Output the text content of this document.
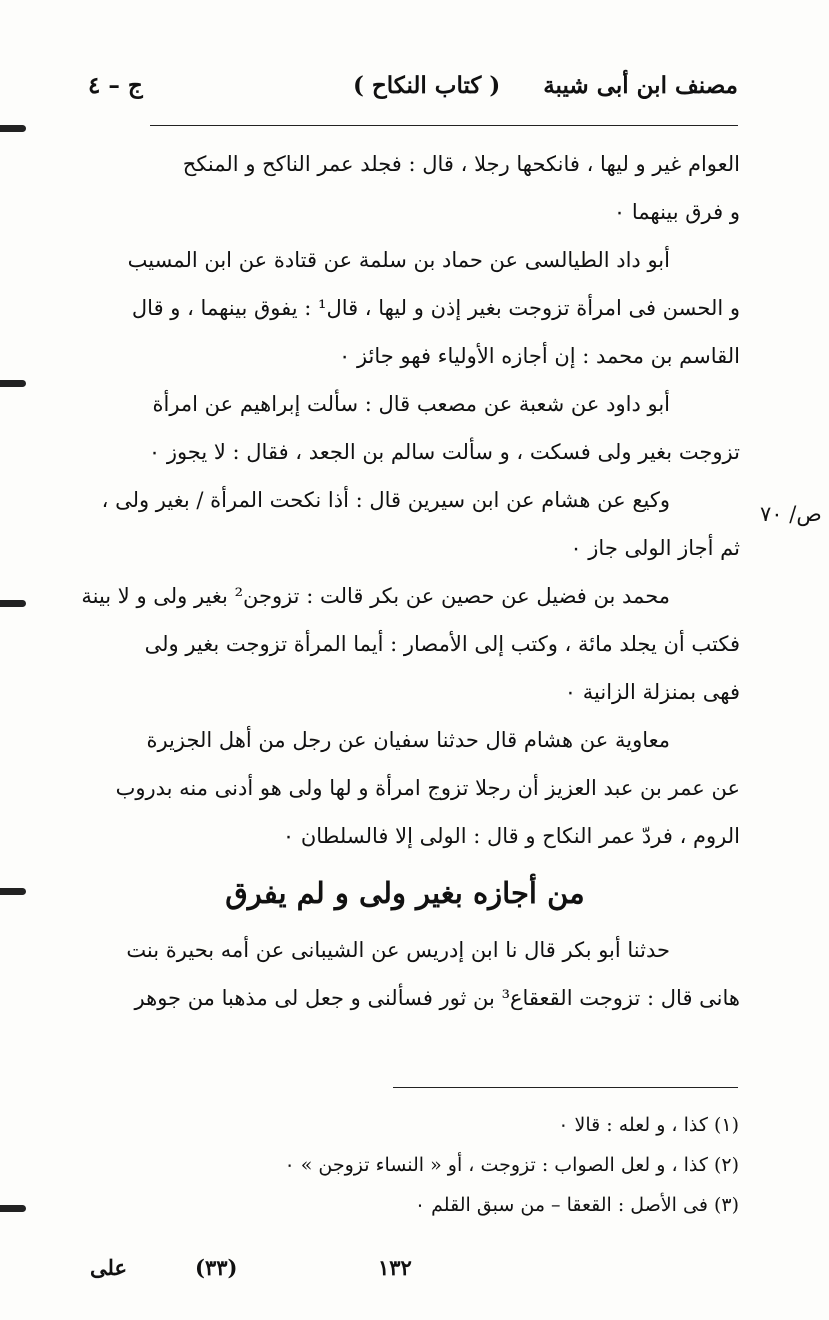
مصنف ابن أبى شيبة
( كتاب النكاح )
ج – ٤
ص/ ٧٠
العوام غير و ليها ، فانكحها رجلا ، قال : فجلد عمر الناكح و المنكح
و فرق بينهما ٠
أبو داد الطيالسى عن حماد بن سلمة عن قتادة عن ابن المسيب
و الحسن فى امرأة تزوجت بغير إذن و ليها ، قال¹ : يفوق بينهما ، و قال
القاسم بن محمد : إن أجازه الأولياء فهو جائز ٠
أبو داود عن شعبة عن مصعب قال : سألت إبراهيم عن امرأة
تزوجت بغير ولى فسكت ، و سألت سالم بن الجعد ، فقال : لا يجوز ٠
وكيع عن هشام عن ابن سيرين قال : أذا نكحت المرأة / بغير ولى ،
ثم أجاز الولى جاز ٠
محمد بن فضيل عن حصين عن بكر قالت : تزوجن² بغير ولى و لا بينة
فكتب أن يجلد مائة ، وكتب إلى الأمصار : أيما المرأة تزوجت بغير ولى
فهى بمنزلة الزانية ٠
معاوية عن هشام قال حدثنا سفيان عن رجل من أهل الجزيرة
عن عمر بن عبد العزيز أن رجلا تزوج امرأة و لها ولى هو أدنى منه بدروب
الروم ، فردّ عمر النكاح و قال : الولى إلا فالسلطان ٠
من أجازه بغير ولى و لم يفرق
حدثنا أبو بكر قال نا ابن إدريس عن الشيبانى عن أمه بحيرة بنت
هانى قال : تزوجت القعقاع³ بن ثور فسألنى و جعل لى مذهبا من جوهر
(١) كذا ، و لعله : قالا ٠
(٢) كذا ، و لعل الصواب : تزوجت ، أو « النساء تزوجن » ٠
(٣) فى الأصل : القعقا – من سبق القلم ٠
١٣٢
(٣٣)
على
